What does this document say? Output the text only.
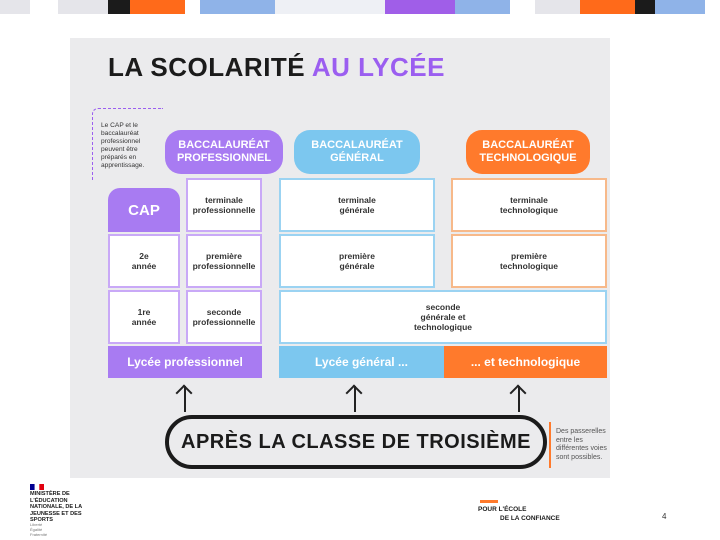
LA SCOLARITÉ AU LYCÉE
Le CAP et le baccalauréat professionnel peuvent être préparés en apprentissage.
BACCALAURÉAT PROFESSIONNEL
BACCALAURÉAT GÉNÉRAL
BACCALAURÉAT TECHNOLOGIQUE
CAP
2e année
1re année
terminale professionnelle
première professionnelle
seconde professionnelle
terminale générale
première générale
terminale technologique
première technologique
seconde générale et technologique
Lycée professionnel	Lycée général ...	... et technologique
APRÈS LA CLASSE DE TROISIÈME	Des passerelles entre les différentes voies sont possibles.
MINISTÈRE DE L'ÉDUCATION NATIONALE, DE LA JEUNESSE ET DES SPORTS
Liberté Égalité Fraternité
POUR L'ÉCOLE
DE LA CONFIANCE	4
